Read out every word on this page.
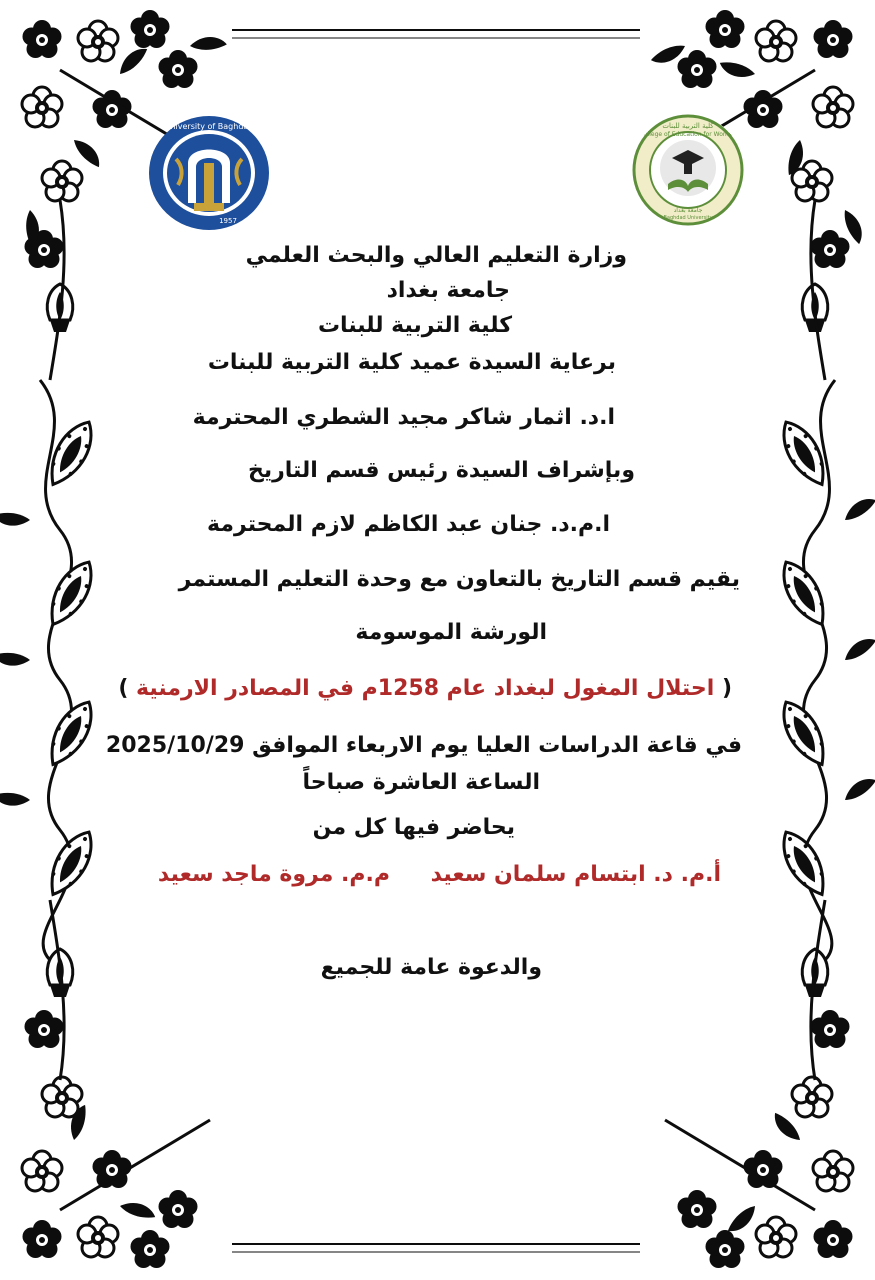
University of Baghdad
1957
كلية التربية للبنات
College of Education for Women
جامعة بغداد
Baghdad University
وزارة التعليم العالي والبحث العلمي
جامعة بغداد
كلية التربية للبنات
برعاية السيدة عميد كلية التربية للبنات
ا.د. اثمار شاكر مجيد الشطري المحترمة
وبإشراف السيدة رئيس قسم التاريخ
ا.م.د. جنان عبد الكاظم لازم المحترمة
يقيم قسم التاريخ بالتعاون مع وحدة التعليم المستمر
الورشة الموسومة
( احتلال المغول لبغداد عام 1258م في المصادر الارمنية )
في قاعة الدراسات العليا يوم الاربعاء الموافق 2025/10/29
الساعة العاشرة صباحاً
يحاضر فيها كل من
أ.م. د. ابتسام سلمان سعيد
م.م. مروة ماجد سعيد
والدعوة عامة للجميع
